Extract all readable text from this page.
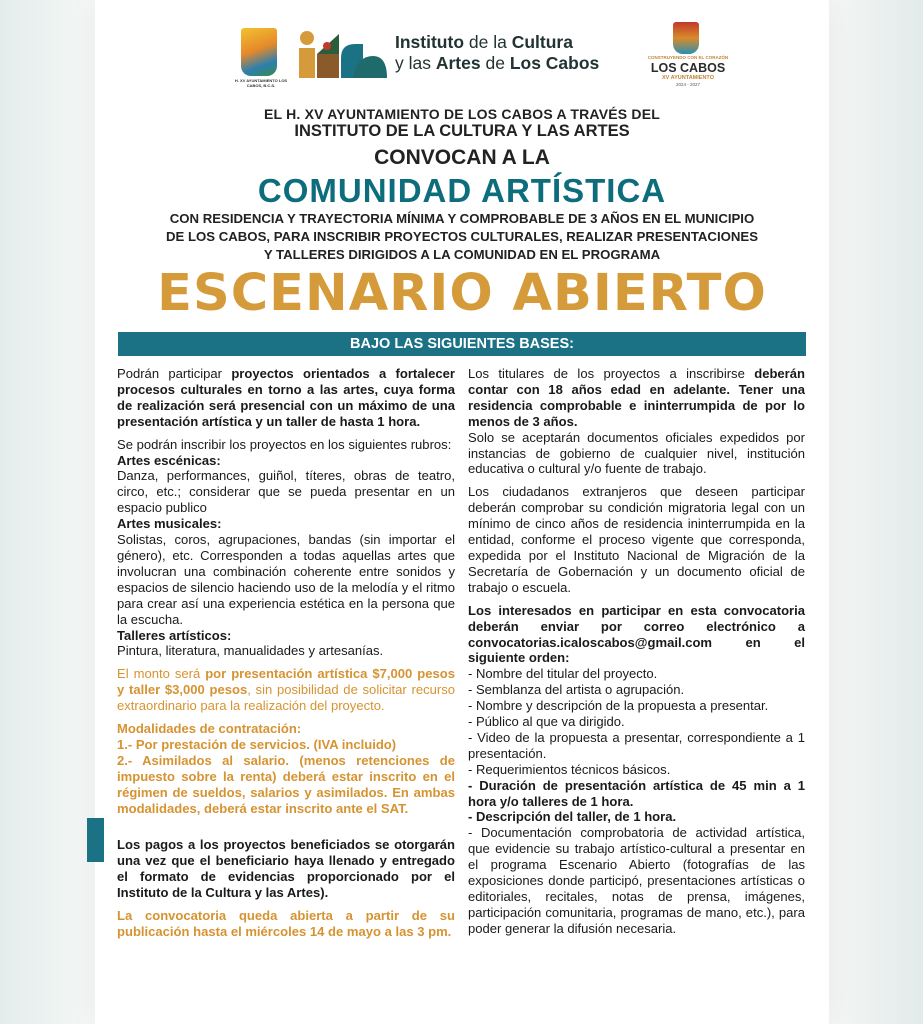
H. XV AYUNTAMIENTO LOS CABOS, B.C.S.
Instituto de la Cultura
y las Artes de Los Cabos	CONSTRUYENDO CON EL CORAZÓN
LOS CABOS
XV AYUNTAMIENTO
2024 - 2027
EL H. XV AYUNTAMIENTO DE LOS CABOS A TRAVÉS DEL
INSTITUTO DE LA CULTURA Y LAS ARTES
CONVOCAN A LA
COMUNIDAD ARTÍSTICA
CON RESIDENCIA Y TRAYECTORIA MÍNIMA Y COMPROBABLE DE 3 AÑOS EN EL MUNICIPIO
DE LOS CABOS, PARA INSCRIBIR PROYECTOS CULTURALES, REALIZAR PRESENTACIONES
Y TALLERES DIRIGIDOS A LA COMUNIDAD EN EL PROGRAMA
ESCENARIO ABIERTO
BAJO LAS SIGUIENTES BASES:

Podrán participar proyectos orientados a fortalecer procesos culturales en torno a las artes, cuya forma de realización será presencial con un máximo de una presentación artística y un taller de hasta 1 hora.

Se podrán inscribir los proyectos en los siguientes rubros:

Artes escénicas:

Danza, performances, guiñol, títeres, obras de teatro, circo, etc.; considerar que se pueda presentar en un espacio publico

Artes musicales:

Solistas, coros, agrupaciones, bandas (sin importar el género), etc. Corresponden a todas aquellas artes que involucran una combinación coherente entre sonidos y espacios de silencio haciendo uso de la melodía y el ritmo para crear así una experiencia estética en la persona que la escucha.

Talleres artísticos:

Pintura, literatura, manualidades y artesanías.

El monto será por presentación artística $7,000 pesos y taller $3,000 pesos, sin posibilidad de solicitar recurso extraordinario para la realización del proyecto.

Modalidades de contratación:

1.- Por prestación de servicios. (IVA incluido)

2.- Asimilados al salario. (menos retenciones de impuesto sobre la renta) deberá estar inscrito en el régimen de sueldos, salarios y asimilados. En ambas modalidades, deberá estar inscrito ante el SAT.

Los pagos a los proyectos beneficiados se otorgarán una vez que el beneficiario haya llenado y entregado el formato de evidencias proporcionado por el Instituto de la Cultura y las Artes).

La convocatoria queda abierta a partir de su publicación hasta el miércoles 14 de mayo a las 3 pm.

Los titulares de los proyectos a inscribirse deberán contar con 18 años edad en adelante. Tener una residencia comprobable e ininterrumpida de por lo menos de 3 años.

Solo se aceptarán documentos oficiales expedidos por instancias de gobierno de cualquier nivel, institución educativa o cultural y/o fuente de trabajo.

Los ciudadanos extranjeros que deseen participar deberán comprobar su condición migratoria legal con un mínimo de cinco años de residencia ininterrumpida en la entidad, conforme el proceso vigente que corresponda, expedida por el Instituto Nacional de Migración de la Secretaría de Gobernación y un documento oficial de trabajo o escuela.

Los interesados en participar en esta convocatoria deberán enviar por correo electrónico a convocatorias.icaloscabos@gmail.com en el siguiente orden:

- Nombre del titular del proyecto.

- Semblanza del artista o agrupación.

- Nombre y descripción de la propuesta a presentar.

- Público al que va dirigido.

- Video de la propuesta a presentar, correspondiente a 1 presentación.

- Requerimientos técnicos básicos.

- Duración de presentación artística de 45 min a 1 hora y/o talleres de 1 hora.

- Descripción del taller, de 1 hora.

- Documentación comprobatoria de actividad artística, que evidencie su trabajo artístico-cultural a presentar en el programa Escenario Abierto (fotografías de las exposiciones donde participó, presentaciones artísticas o editoriales, recitales, notas de prensa, imágenes, participación comunitaria, programas de mano, etc.), para poder generar la difusión necesaria.
